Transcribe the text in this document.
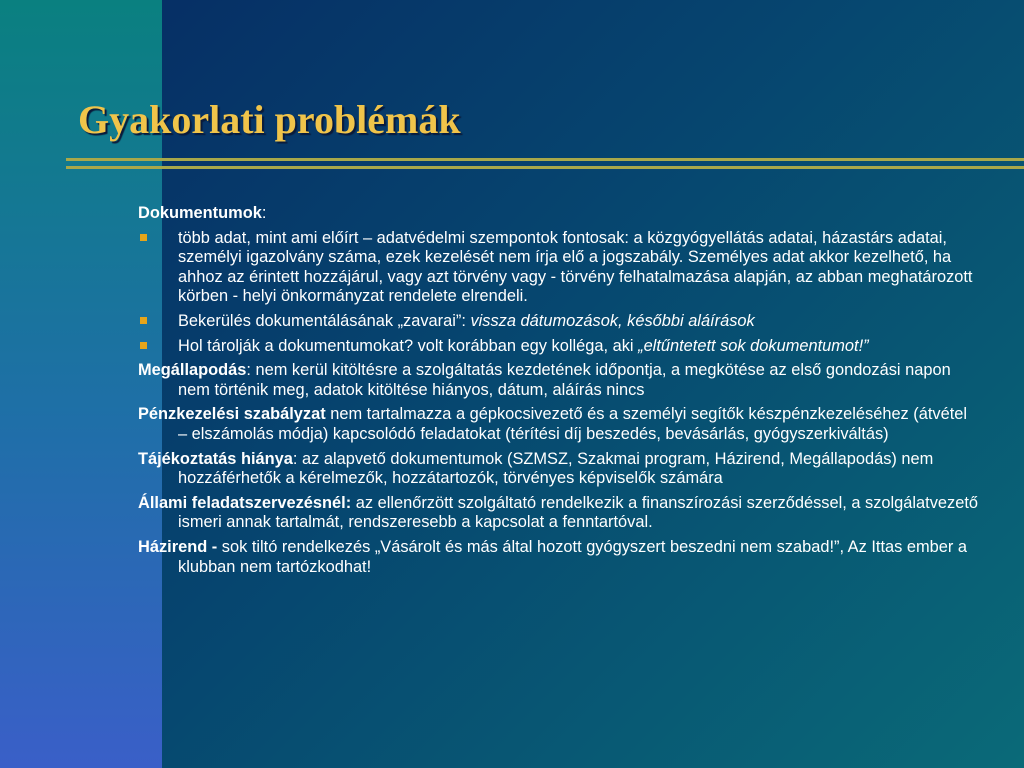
Gyakorlati problémák

Dokumentumok:

több adat, mint ami előírt – adatvédelmi szempontok fontosak: a közgyógyellátás adatai, házastárs adatai, személyi igazolvány száma, ezek kezelését nem írja elő a jogszabály. Személyes adat akkor kezelhető, ha ahhoz az érintett hozzájárul, vagy azt törvény vagy - törvény felhatalmazása alapján, az abban meghatározott körben - helyi önkormányzat rendelete elrendeli.
Bekerülés dokumentálásának „zavarai”: vissza dátumozások, későbbi aláírások
Hol tárolják a dokumentumokat? volt korábban egy kolléga, aki „eltűntetett sok dokumentumot!”

Megállapodás: nem kerül kitöltésre a szolgáltatás kezdetének időpontja, a megkötése az első gondozási napon nem történik meg, adatok kitöltése hiányos, dátum, aláírás nincs

Pénzkezelési szabályzat nem tartalmazza a gépkocsivezető és a személyi segítők készpénzkezeléséhez (átvétel – elszámolás módja) kapcsolódó feladatokat (térítési díj beszedés, bevásárlás, gyógyszerkiváltás)

Tájékoztatás hiánya: az alapvető dokumentumok (SZMSZ, Szakmai program, Házirend, Megállapodás) nem hozzáférhetők a kérelmezők, hozzátartozók, törvényes képviselők számára

Állami feladatszervezésnél: az ellenőrzött szolgáltató rendelkezik a finanszírozási szerződéssel, a szolgálatvezető ismeri annak tartalmát, rendszeresebb a kapcsolat a fenntartóval.

Házirend - sok tiltó rendelkezés „Vásárolt és más által hozott gyógyszert beszedni nem szabad!”, Az Ittas ember a klubban nem tartózkodhat!
